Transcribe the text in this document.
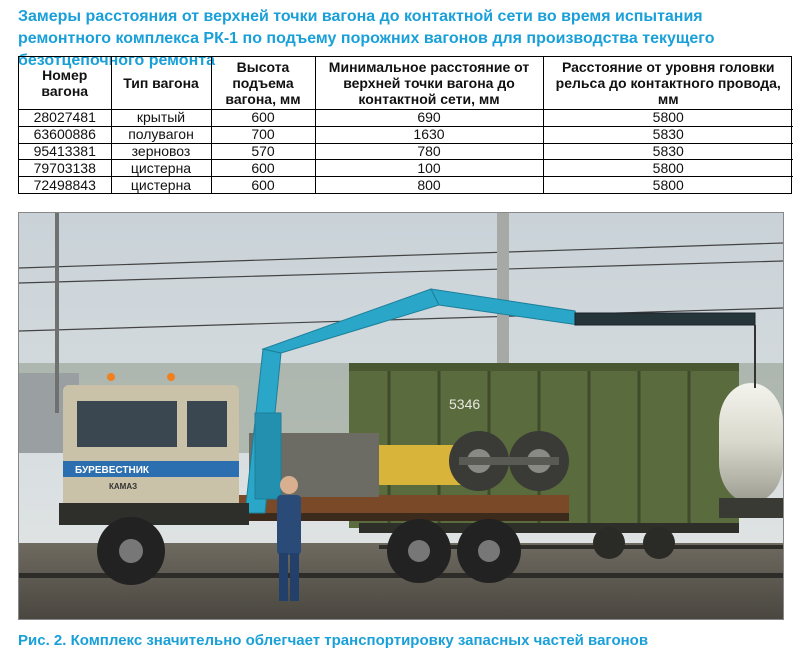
Замеры расстояния от верхней точки вагона до контактной сети во время испытания ремонтного комплекса РК-1 по подъему порожних вагонов для производства текущего безотцепочного ремонта
Номер вагона	Тип вагона	Высота подъема вагона, мм	Минимальное расстояние от верхней точки вагона до контактной сети, мм	Расстояние от уровня головки рельса до контактного провода, мм
28027481	крытый	600	690	5800
63600886	полувагон	700	1630	5830
95413381	зерновоз	570	780	5830
79703138	цистерна	600	100	5800
72498843	цистерна	600	800	5800
5346
БУРЕВЕСТНИК
КАМАЗ
Рис. 2. Комплекс значительно облегчает транспортировку запасных частей вагонов
